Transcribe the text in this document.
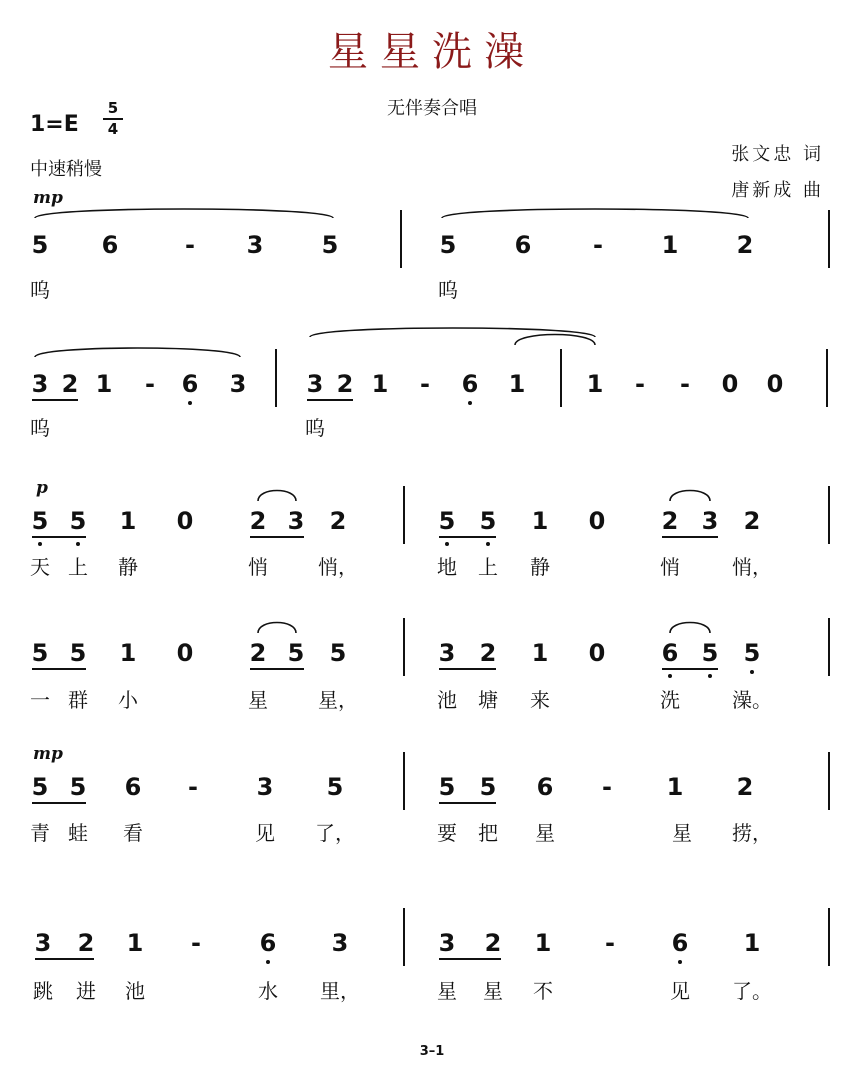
星星洗澡
无伴奏合唱
1=E
5
4
中速稍慢
张文忠 词
唐新成 曲
mp
p
mp
5 6	-	3 5	5 6	-	1 2
呜	呜
3 2 1	-	6 3	3 2 1	-	6 1	1	-	-	0 0
呜	呜
5 5 1 0 2 3 2	5 5 1 0 2 3 2
天 上	静	悄	悄，	地	上	静	悄	悄，
5 5 1 0 2 5 5	3 2 1 0 6 5 5
一 群	小	星	星，	池	塘	来	洗	澡。
5 5 6	-	3 5	5 5 6	-	1 2
青 蛙	看	见	了，	要	把	星	星	捞，
3 2 1	-	6 3	3 2 1	-	6 1
跳	进	池	水	里，	星	星	不	见	了。
3–1
